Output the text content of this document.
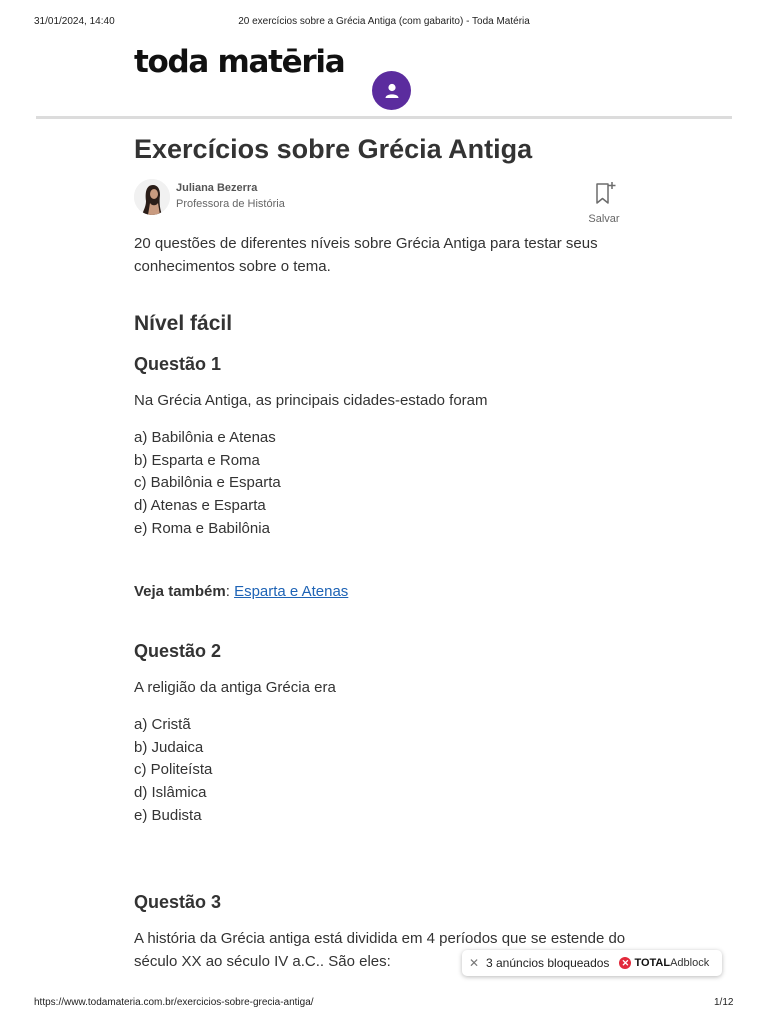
31/01/2024, 14:40	20 exercícios sobre a Grécia Antiga (com gabarito) - Toda Matéria
toda matēria
Exercícios sobre Grécia Antiga
Juliana Bezerra
Professora de História
Salvar
20 questões de diferentes níveis sobre Grécia Antiga para testar seus conhecimentos sobre o tema.
Nível fácil
Questão 1
Na Grécia Antiga, as principais cidades-estado foram
a) Babilônia e Atenas
b) Esparta e Roma
c) Babilônia e Esparta
d) Atenas e Esparta
e) Roma e Babilônia
Veja também: Esparta e Atenas
Questão 2
A religião da antiga Grécia era
a) Cristã
b) Judaica
c) Politeísta
d) Islâmica
e) Budista
Questão 3
A história da Grécia antiga está dividida em 4 períodos que se estende do século XX ao século IV a.C.. São eles:	✕ 3 anúncios bloqueados ✕ TOTAL Adblock
https://www.todamateria.com.br/exercicios-sobre-grecia-antiga/	1/12
